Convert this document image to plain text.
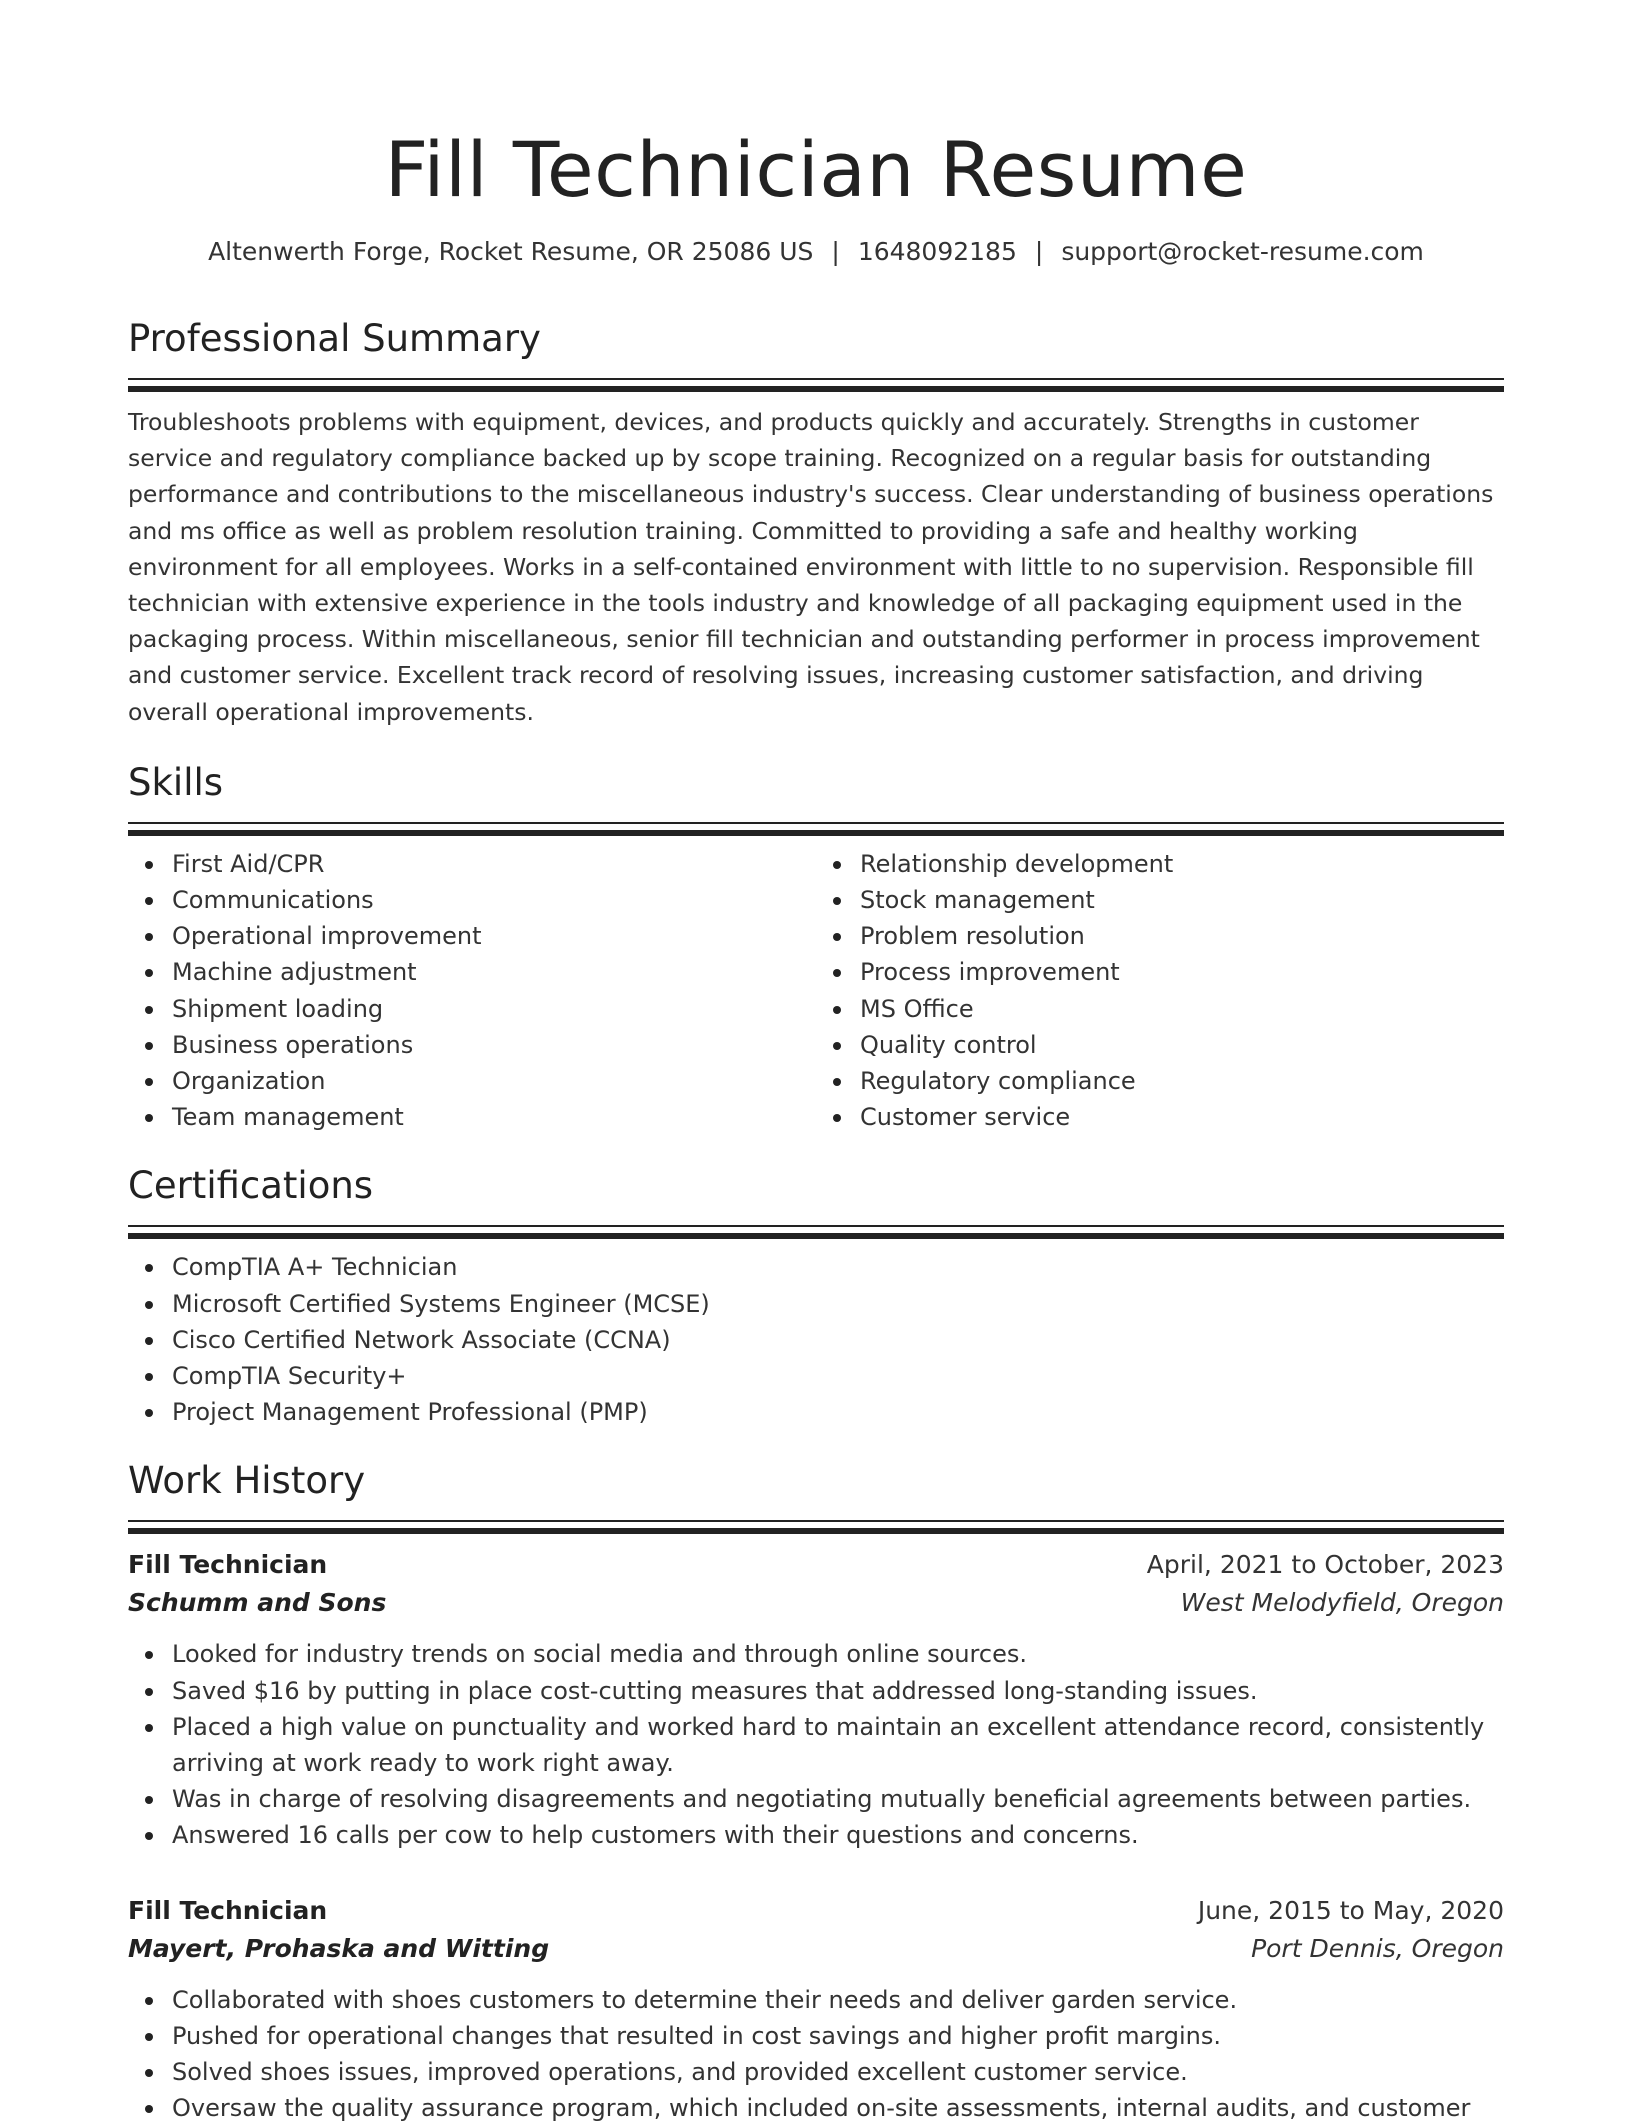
Fill Technician Resume
Altenwerth Forge, Rocket Resume, OR 25086 US | 1648092185 | support@rocket-resume.com
Professional Summary

Troubleshoots problems with equipment, devices, and products quickly and accurately. Strengths in customer service and regulatory compliance backed up by scope training. Recognized on a regular basis for outstanding performance and contributions to the miscellaneous industry's success. Clear understanding of business operations and ms office as well as problem resolution training. Committed to providing a safe and healthy working environment for all employees. Works in a self-contained environment with little to no supervision. Responsible fill technician with extensive experience in the tools industry and knowledge of all packaging equipment used in the packaging process. Within miscellaneous, senior fill technician and outstanding performer in process improvement and customer service. Excellent track record of resolving issues, increasing customer satisfaction, and driving overall operational improvements.

Skills
First Aid/CPR
Communications
Operational improvement
Machine adjustment
Shipment loading
Business operations
Organization
Team management
Relationship development
Stock management
Problem resolution
Process improvement
MS Office
Quality control
Regulatory compliance
Customer service
Certifications
CompTIA A+ Technician
Microsoft Certified Systems Engineer (MCSE)
Cisco Certified Network Associate (CCNA)
CompTIA Security+
Project Management Professional (PMP)
Work History
Fill Technician	April, 2021 to October, 2023
Schumm and Sons	West Melodyfield, Oregon
Looked for industry trends on social media and through online sources.
Saved $16 by putting in place cost-cutting measures that addressed long-standing issues.
Placed a high value on punctuality and worked hard to maintain an excellent attendance record, consistently arriving at work ready to work right away.
Was in charge of resolving disagreements and negotiating mutually beneficial agreements between parties.
Answered 16 calls per cow to help customers with their questions and concerns.
Fill Technician	June, 2015 to May, 2020
Mayert, Prohaska and Witting	Port Dennis, Oregon
Collaborated with shoes customers to determine their needs and deliver garden service.
Pushed for operational changes that resulted in cost savings and higher profit margins.
Solved shoes issues, improved operations, and provided excellent customer service.
Oversaw the quality assurance program, which included on-site assessments, internal audits, and customer
